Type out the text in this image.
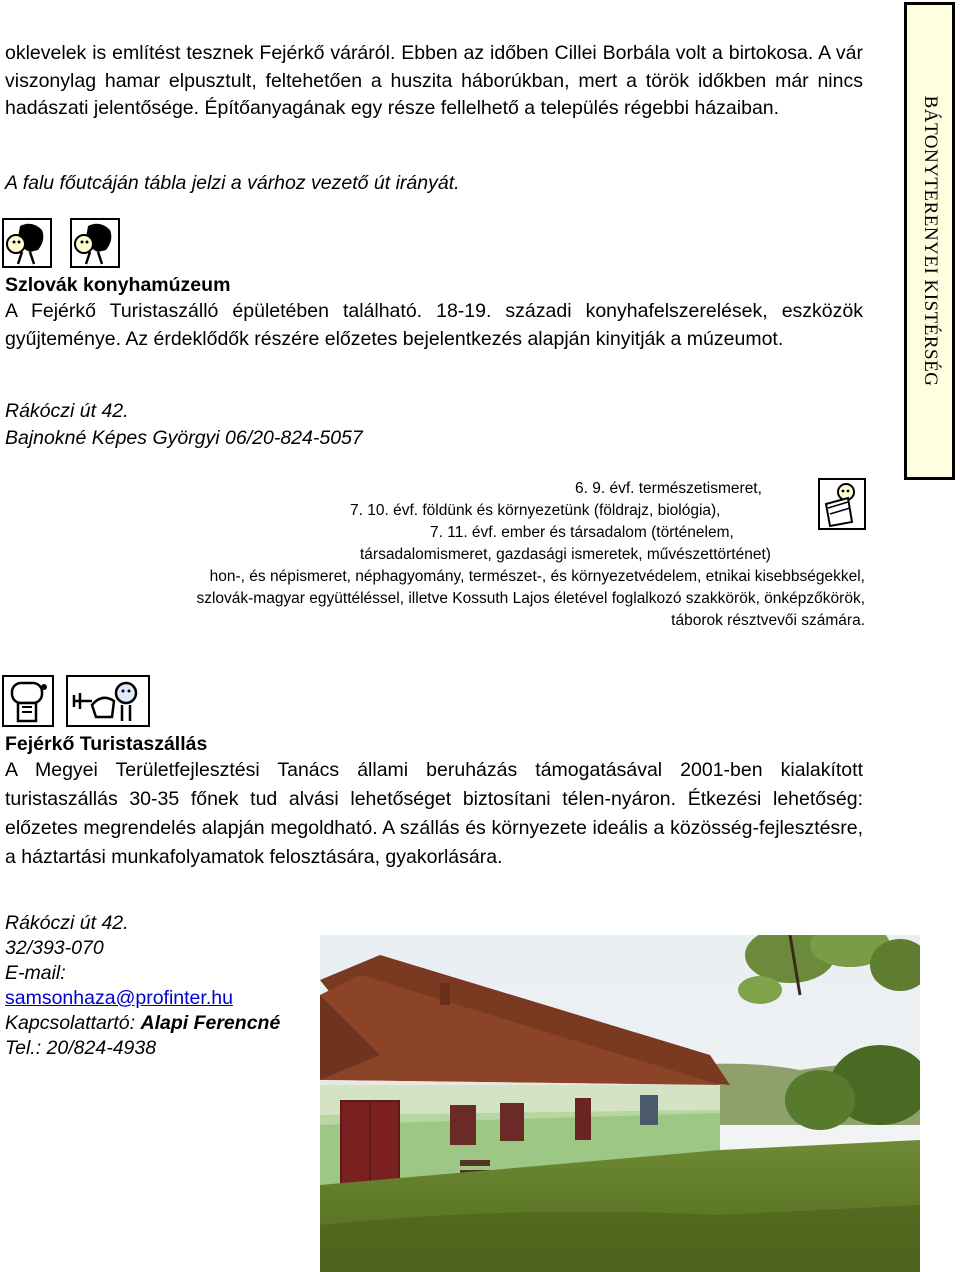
oklevelek is említést tesznek Fejérkő váráról. Ebben az időben Cillei Borbála volt a birtokosa. A vár viszonylag hamar elpusztult, feltehetően a huszita háborúkban, mert a török időkben már nincs hadászati jelentősége. Építőanyagának egy része fellelhető a település régebbi házaiban.
A falu főutcáján tábla jelzi a várhoz vezető út irányát.	BÁTONYTERENYEI KISTÉRSÉG
Szlovák konyhamúzeum
A Fejérkő Turistaszálló épületében található. 18-19. századi konyhafelszerelések, eszközök gyűjteménye. Az érdeklődők részére előzetes bejelentkezés alapján kinyitják a múzeumot.
Rákóczi út 42.
Bajnokné Képes Györgyi 06/20-824-5057
6. 9. évf. természetismeret,
7. 10. évf. földünk és környezetünk (földrajz, biológia),
7. 11. évf. ember és társadalom (történelem,
társadalomismeret, gazdasági ismeretek, művészettörténet)
hon-, és népismeret, néphagyomány, természet-, és környezetvédelem, etnikai kisebbségekkel,
szlovák-magyar együttéléssel, illetve Kossuth Lajos életével foglalkozó szakkörök, önképzőkörök,
táborok résztvevői számára.
Fejérkő Turistaszállás
A Megyei Területfejlesztési Tanács állami beruházás támogatásával 2001-ben kialakított turistaszállás 30-35 főnek tud alvási lehetőséget biztosítani télen-nyáron. Étkezési lehetőség: előzetes megrendelés alapján megoldható. A szállás és környezete ideális a közösség-fejlesztésre, a háztartási munkafolyamatok felosztására, gyakorlására.
Rákóczi út 42.
32/393-070
E-mail:
samsonhaza@profinter.hu
Kapcsolattartó: Alapi Ferencné
Tel.: 20/824-4938
